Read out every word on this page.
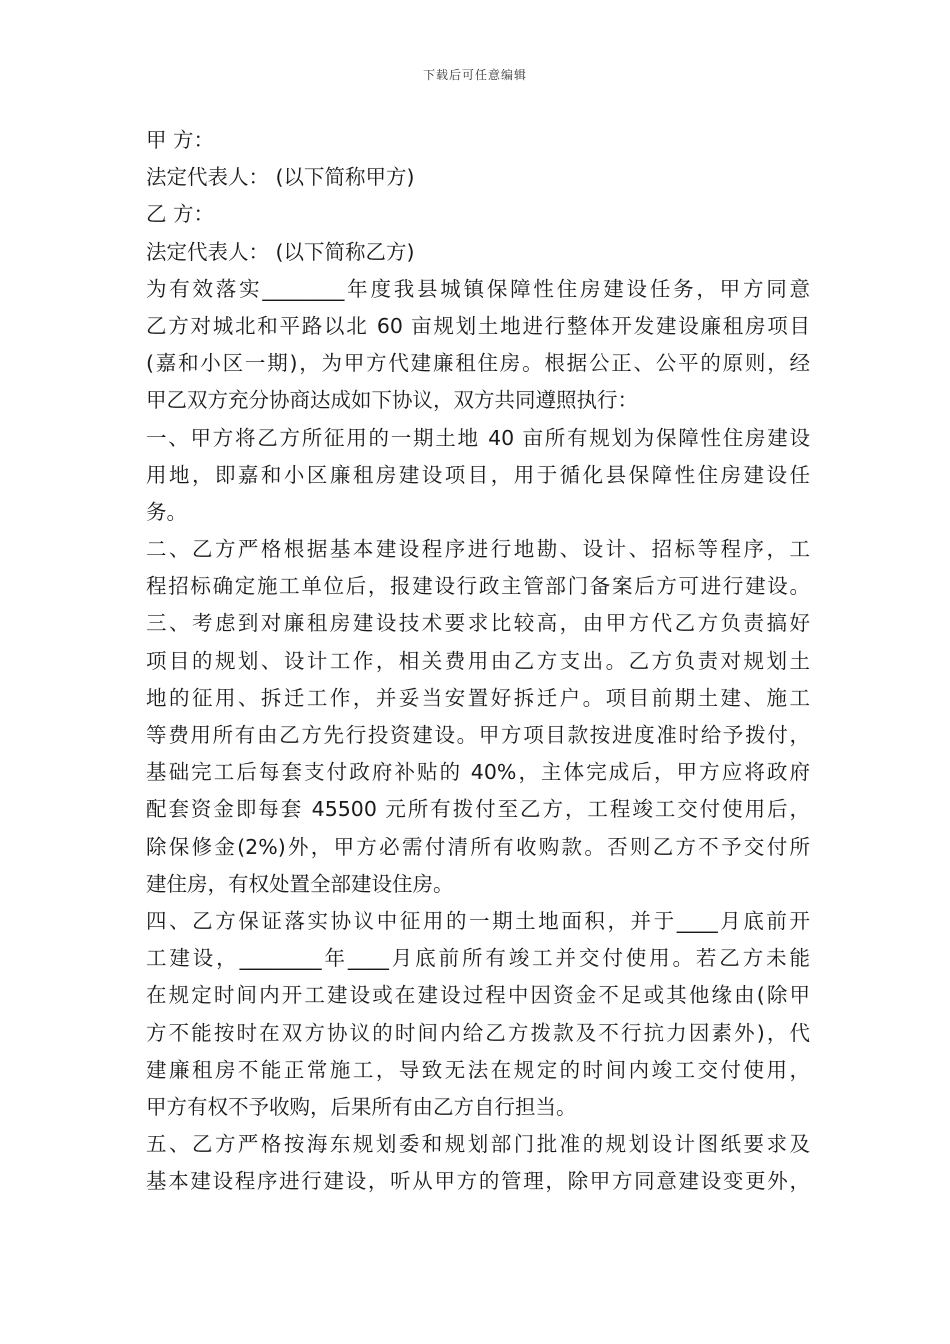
下载后可任意编辑
甲 方：
法定代表人： (以下简称甲方)
乙 方：
法定代表人： (以下简称乙方)
为有效落实________年度我县城镇保障性住房建设任务，甲方同意
乙方对城北和平路以北 60 亩规划土地进行整体开发建设廉租房项目
(嘉和小区一期)，为甲方代建廉租住房。根据公正、公平的原则，经
甲乙双方充分协商达成如下协议，双方共同遵照执行：
一、甲方将乙方所征用的一期土地 40 亩所有规划为保障性住房建设
用地，即嘉和小区廉租房建设项目，用于循化县保障性住房建设任
务。
二、乙方严格根据基本建设程序进行地勘、设计、招标等程序，工
程招标确定施工单位后，报建设行政主管部门备案后方可进行建设。
三、考虑到对廉租房建设技术要求比较高，由甲方代乙方负责搞好
项目的规划、设计工作，相关费用由乙方支出。乙方负责对规划土
地的征用、拆迁工作，并妥当安置好拆迁户。项目前期土建、施工
等费用所有由乙方先行投资建设。甲方项目款按进度准时给予拨付，
基础完工后每套支付政府补贴的 40%，主体完成后，甲方应将政府
配套资金即每套 45500 元所有拨付至乙方，工程竣工交付使用后，
除保修金(2%)外，甲方必需付清所有收购款。否则乙方不予交付所
建住房，有权处置全部建设住房。
四、乙方保证落实协议中征用的一期土地面积，并于____月底前开
工建设，________年____月底前所有竣工并交付使用。若乙方未能
在规定时间内开工建设或在建设过程中因资金不足或其他缘由(除甲
方不能按时在双方协议的时间内给乙方拨款及不行抗力因素外)，代
建廉租房不能正常施工，导致无法在规定的时间内竣工交付使用，
甲方有权不予收购，后果所有由乙方自行担当。
五、乙方严格按海东规划委和规划部门批准的规划设计图纸要求及
基本建设程序进行建设，听从甲方的管理，除甲方同意建设变更外，
